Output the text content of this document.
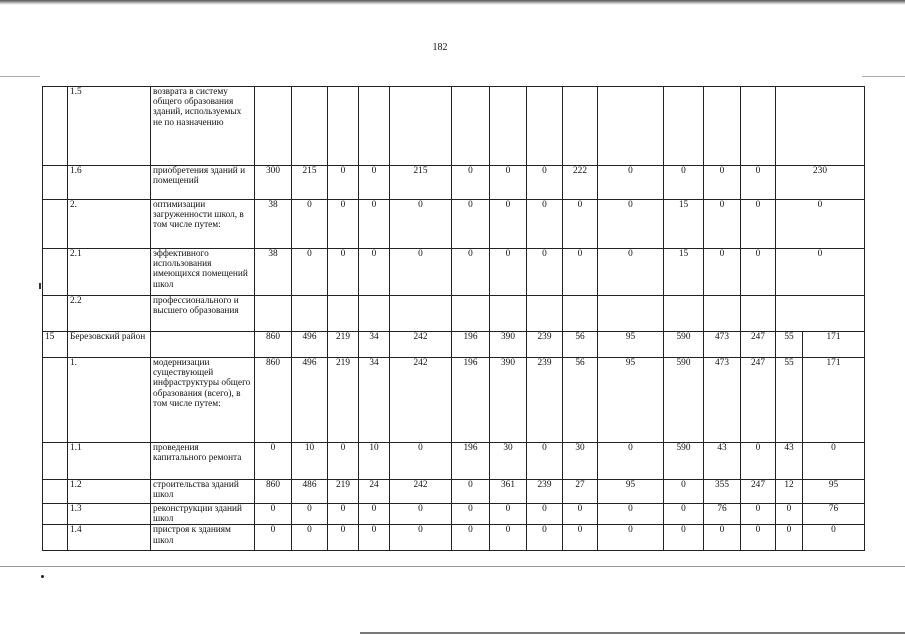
182
	1.5	возврата в систему общего образования зданий, используемых не по назначению															
	1.6	приобретения зданий и помещений	300	215	0	0	215	0	0	0	222	0	0	0	0	230	
	2.	оптимизации загруженности школ, в том числе путем:	38	0	0	0	0	0	0	0	0	0	15	0	0	0	
	2.1	эффективного использования имеющихся помещений школ	38	0	0	0	0	0	0	0	0	0	15	0	0	0	
	2.2	профессионального и высшего образования															
15	Березовский район		860	496	219	34	242	196	390	239	56	95	590	473	247	55	171
	1.	модернизации существующей инфраструктуры общего образования (всего), в том числе путем:	860	496	219	34	242	196	390	239	56	95	590	473	247	55	171
	1.1	проведения капитального ремонта	0	10	0	10	0	196	30	0	30	0	590	43	0	43	0
	1.2	строительства зданий школ	860	486	219	24	242	0	361	239	27	95	0	355	247	12	95
	1.3	реконструкции зданий школ	0	0	0	0	0	0	0	0	0	0	0	76	0	0	76
	1.4	пристроя к зданиям школ	0	0	0	0	0	0	0	0	0	0	0	0	0	0	0
